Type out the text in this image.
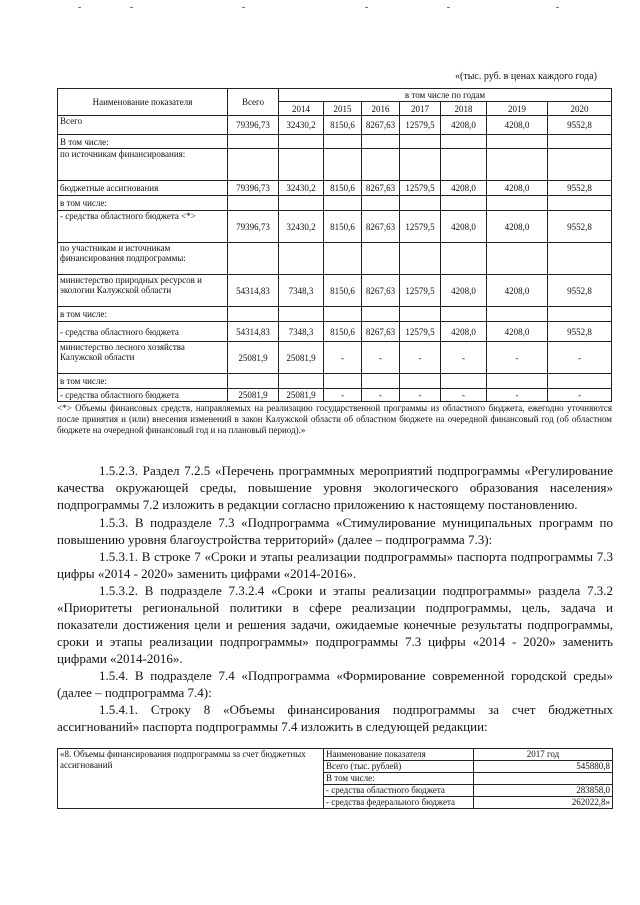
«(тыс. руб. в ценах каждого года)
Наименование показателя	Всего	в том числе по годам						
		2014	2015	2016	2017	2018	2019	2020
Всего	79396,73	32430,2	8150,6	8267,63	12579,5	4208,0	4208,0	9552,8
В том числе:								
по источникам финансирования:								
бюджетные ассигнования	79396,73	32430,2	8150,6	8267,63	12579,5	4208,0	4208,0	9552,8
в том числе:								
- средства областного бюджета <*>	79396,73	32430,2	8150,6	8267,63	12579,5	4208,0	4208,0	9552,8
по участникам и источникам финансирования подпрограммы:								
министерство природных ресурсов и экологии Калужской области	54314,83	7348,3	8150,6	8267,63	12579,5	4208,0	4208,0	9552,8
в том числе:								
- средства областного бюджета	54314,83	7348,3	8150,6	8267,63	12579,5	4208,0	4208,0	9552,8
министерство лесного хозяйства Калужской области	25081,9	25081,9	-	-	-	-	-	-
в том числе:								
- средства областного бюджета	25081,9	25081,9	-	-	-	-	-	-
<*> Объемы финансовых средств, направляемых на реализацию государственной программы из областного бюджета, ежегодно уточняются после принятия и (или) внесения изменений в закон Калужской области об областном бюджете на очередной финансовый год (об областном бюджете на очередной финансовый год и на плановый период).»

1.5.2.3. Раздел 7.2.5 «Перечень программных мероприятий подпрограммы «Регулирование качества окружающей среды, повышение уровня экологического образования населения» подпрограммы 7.2 изложить в редакции согласно приложению к настоящему постановлению.

1.5.3. В подразделе 7.3 «Подпрограмма «Стимулирование муниципальных программ по повышению уровня благоустройства территорий» (далее – подпрограмма 7.3):

1.5.3.1. В строке 7 «Сроки и этапы реализации подпрограммы» паспорта подпрограммы 7.3 цифры «2014 - 2020» заменить цифрами «2014-2016».

1.5.3.2. В подразделе 7.3.2.4 «Сроки и этапы реализации подпрограммы» раздела 7.3.2 «Приоритеты региональной политики в сфере реализации подпрограммы, цель, задача и показатели достижения цели и решения задачи, ожидаемые конечные результаты подпрограммы, сроки и этапы реализации подпрограммы» подпрограммы 7.3 цифры «2014 - 2020» заменить цифрами «2014-2016».

1.5.4. В подразделе 7.4 «Подпрограмма «Формирование современной городской среды» (далее – подпрограмма 7.4):

1.5.4.1. Строку 8 «Объемы финансирования подпрограммы за счет бюджетных ассигнований» паспорта подпрограммы 7.4 изложить в следующей редакции:

«8. Объемы финансирования подпрограммы за счет бюджетных ассигнований	Наименование показателя	2017 год
	Всего (тыс. рублей)	545880,8
	В том числе:	
	- средства областного бюджета	283858,0
	- средства федерального бюджета	262022,8»
